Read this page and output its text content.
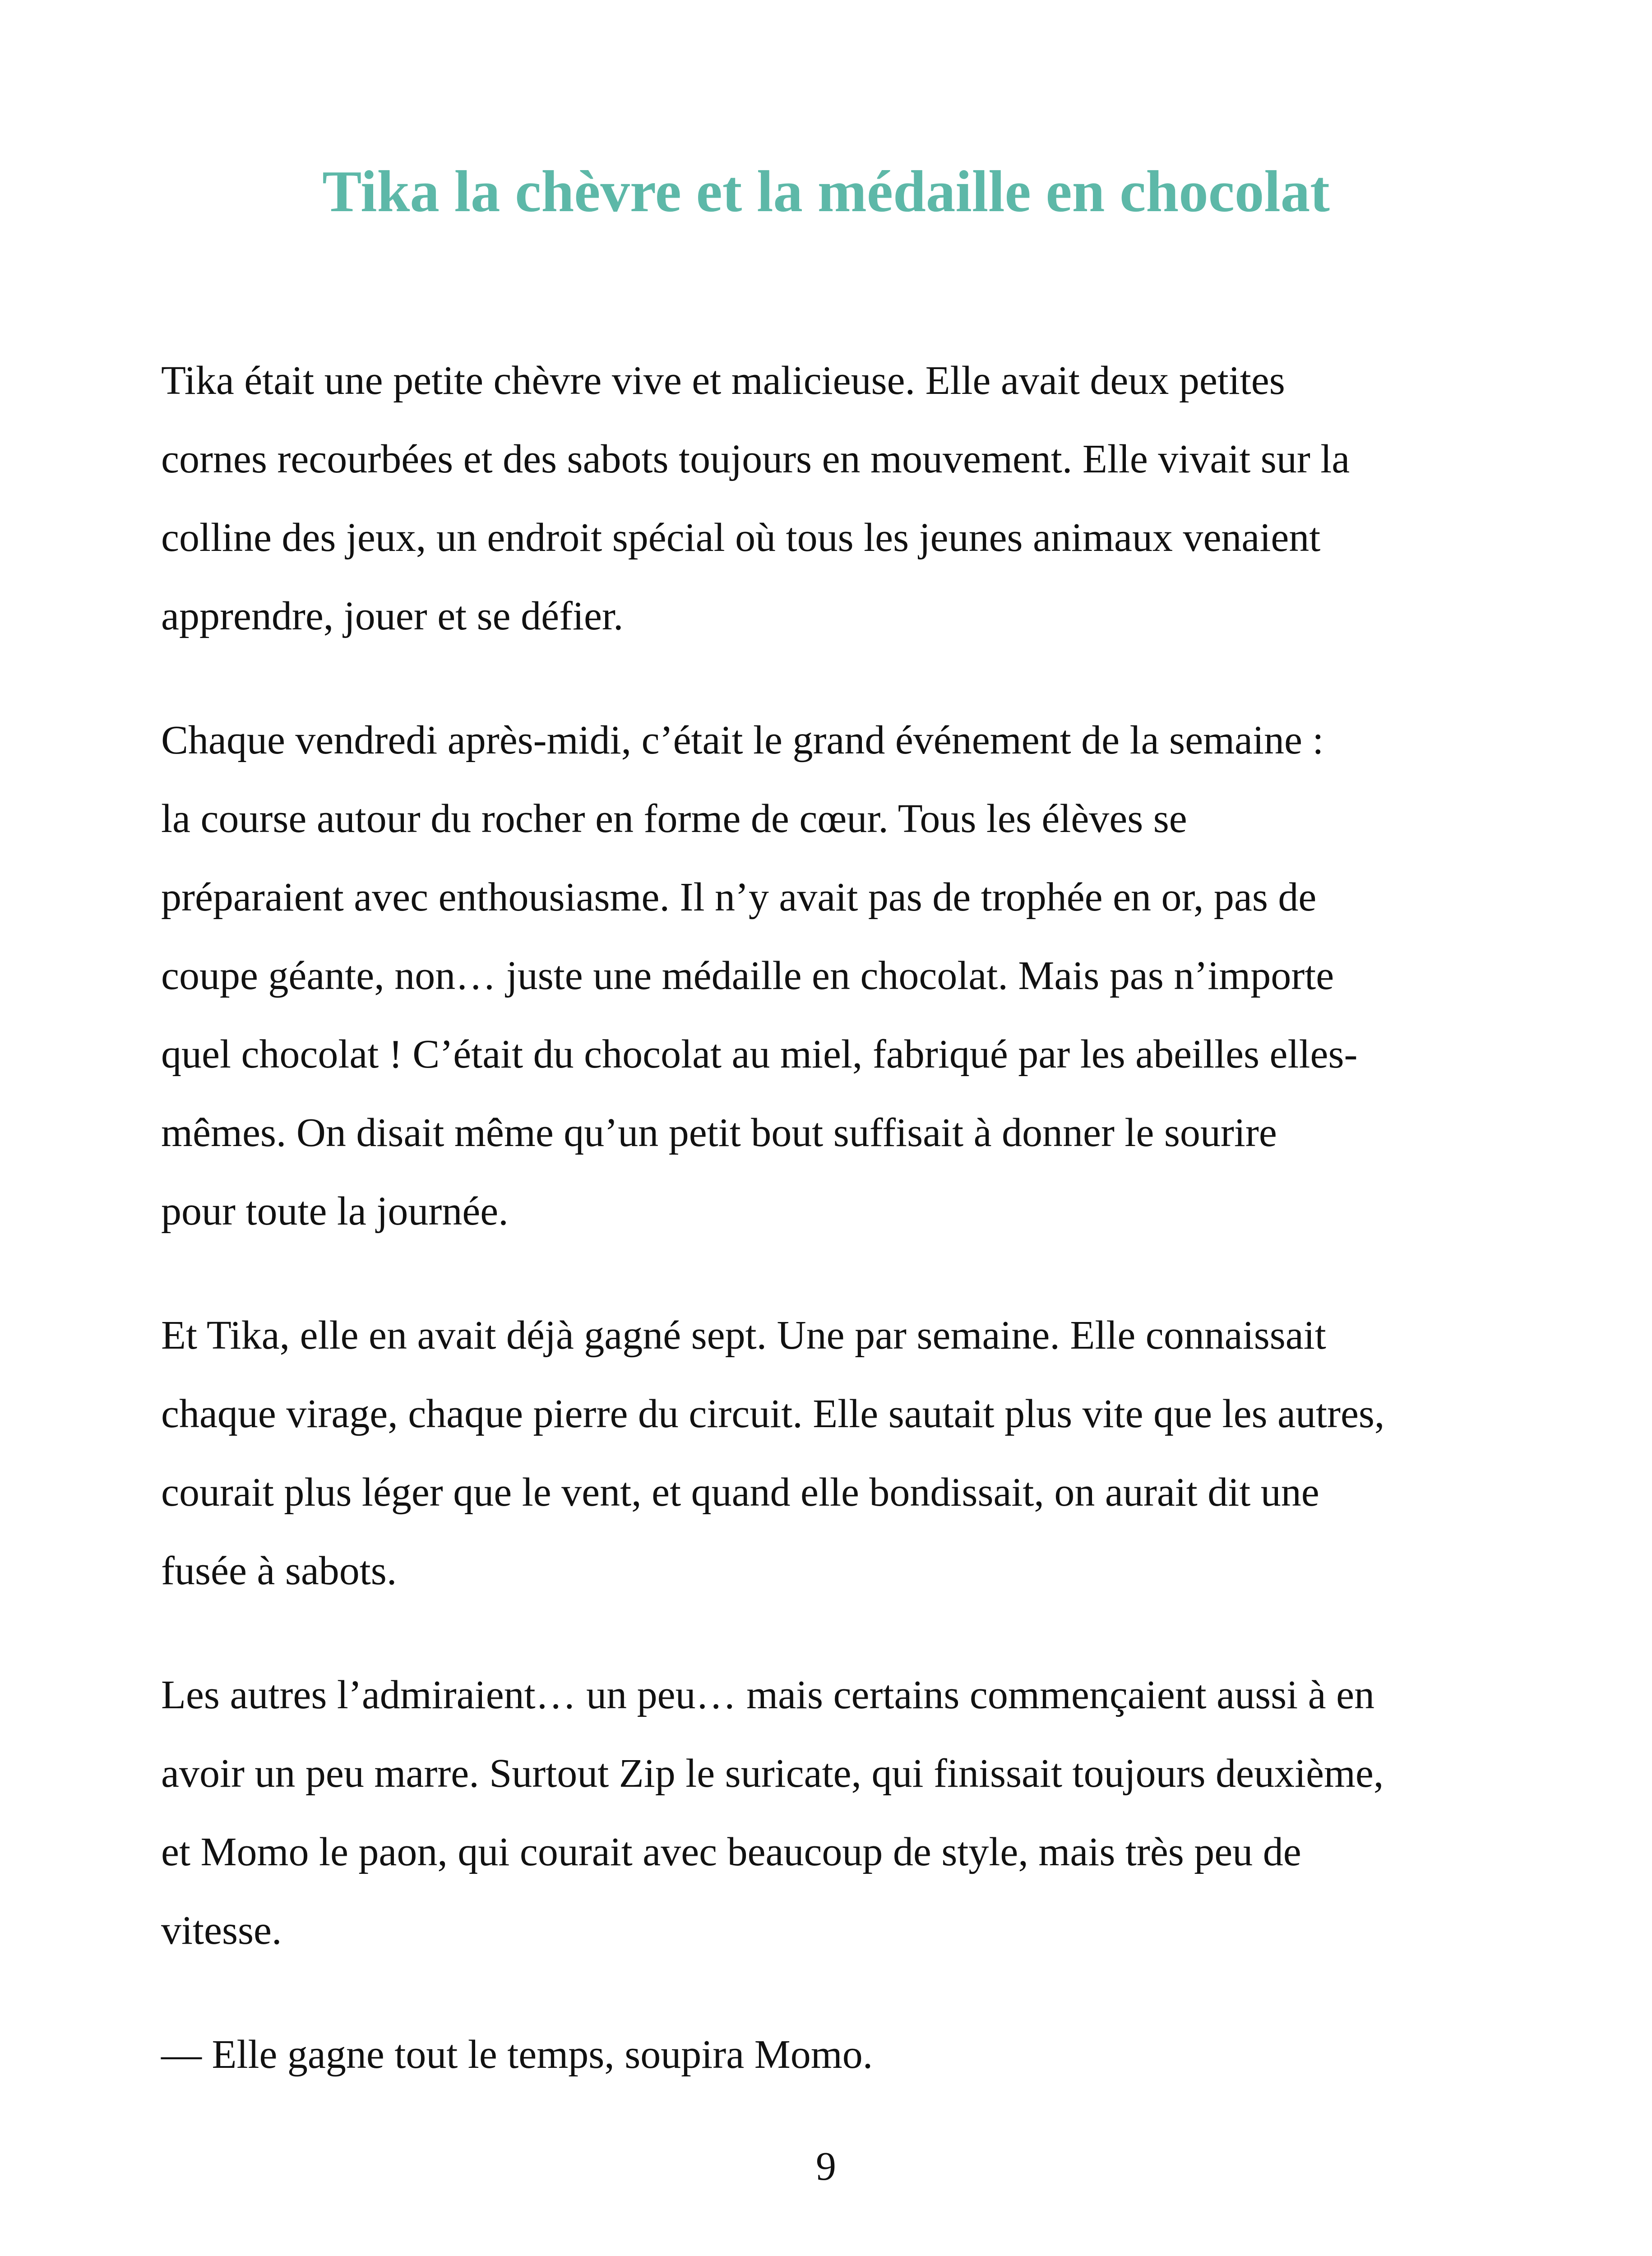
Tika la chèvre et la médaille en chocolat

Tika était une petite chèvre vive et malicieuse. Elle avait deux petites
cornes recourbées et des sabots toujours en mouvement. Elle vivait sur la
colline des jeux, un endroit spécial où tous les jeunes animaux venaient
apprendre, jouer et se défier.

Chaque vendredi après-midi, c’était le grand événement de la semaine :
la course autour du rocher en forme de cœur. Tous les élèves se
préparaient avec enthousiasme. Il n’y avait pas de trophée en or, pas de
coupe géante, non… juste une médaille en chocolat. Mais pas n’importe
quel chocolat ! C’était du chocolat au miel, fabriqué par les abeilles elles-
mêmes. On disait même qu’un petit bout suffisait à donner le sourire
pour toute la journée.

Et Tika, elle en avait déjà gagné sept. Une par semaine. Elle connaissait
chaque virage, chaque pierre du circuit. Elle sautait plus vite que les autres,
courait plus léger que le vent, et quand elle bondissait, on aurait dit une
fusée à sabots.

Les autres l’admiraient… un peu… mais certains commençaient aussi à en
avoir un peu marre. Surtout Zip le suricate, qui finissait toujours deuxième,
et Momo le paon, qui courait avec beaucoup de style, mais très peu de
vitesse.

— Elle gagne tout le temps, soupira Momo.

9
